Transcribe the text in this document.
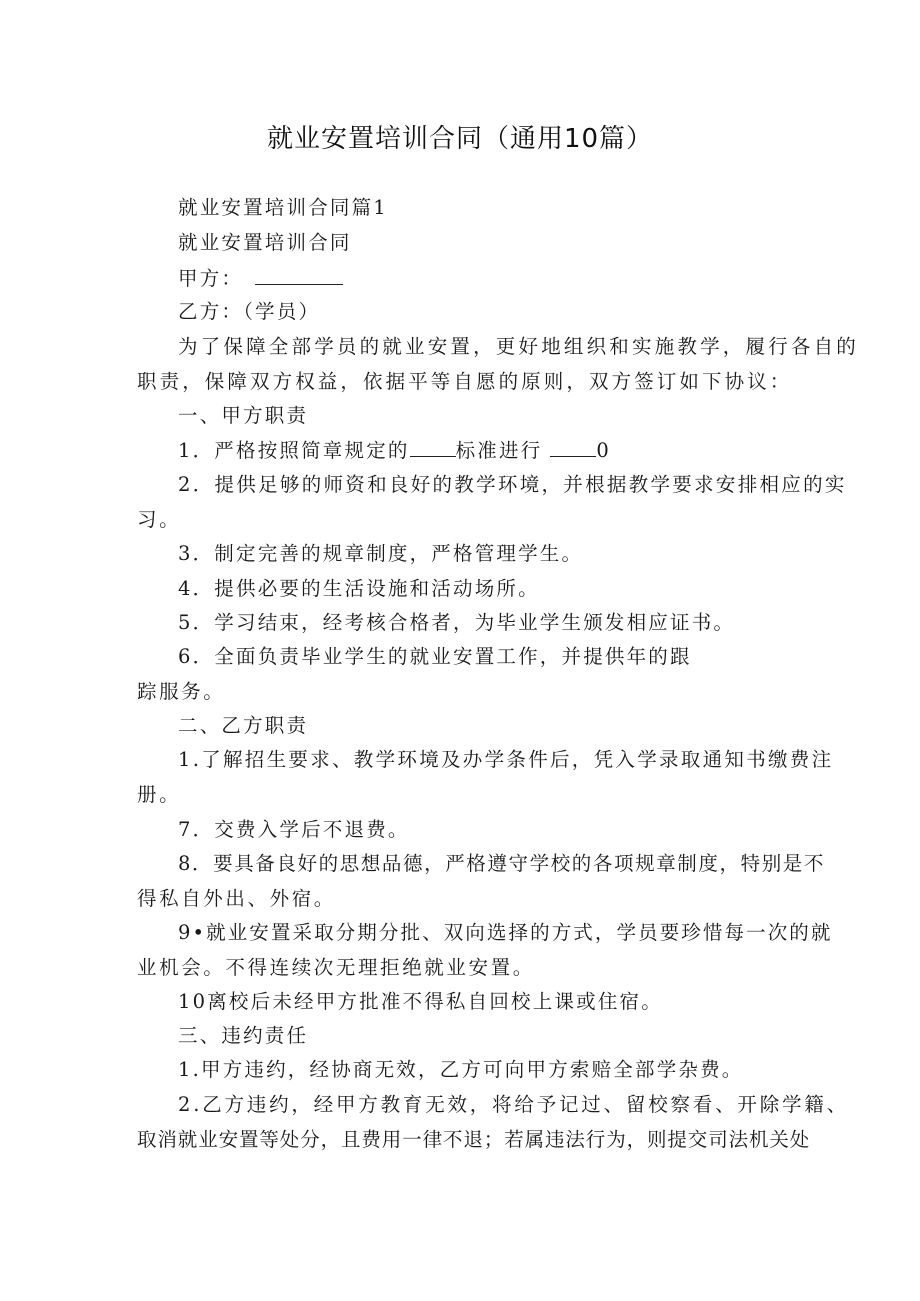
就业安置培训合同（通用10篇）
就业安置培训合同篇1
就业安置培训合同
甲方：
乙方：（学员）
为了保障全部学员的就业安置，更好地组织和实施教学，履行各自的
职责，保障双方权益，依据平等自愿的原则，双方签订如下协议：
一、甲方职责
1．严格按照简章规定的 标准进行	0
2．提供足够的师资和良好的教学环境，并根据教学要求安排相应的实
习。
3．制定完善的规章制度，严格管理学生。
4．提供必要的生活设施和活动场所。
5．学习结束，经考核合格者，为毕业学生颁发相应证书。
6．全面负责毕业学生的就业安置工作，并提供年的跟
踪服务。
二、乙方职责
1.了解招生要求、教学环境及办学条件后，凭入学录取通知书缴费注
册。
7．交费入学后不退费。
8．要具备良好的思想品德，严格遵守学校的各项规章制度，特别是不
得私自外出、外宿。
9•就业安置采取分期分批、双向选择的方式，学员要珍惜每一次的就
业机会。不得连续次无理拒绝就业安置。
10离校后未经甲方批准不得私自回校上课或住宿。
三、违约责任
1.甲方违约，经协商无效，乙方可向甲方索赔全部学杂费。
2.乙方违约，经甲方教育无效，将给予记过、留校察看、开除学籍、
取消就业安置等处分，且费用一律不退；若属违法行为，则提交司法机关处
